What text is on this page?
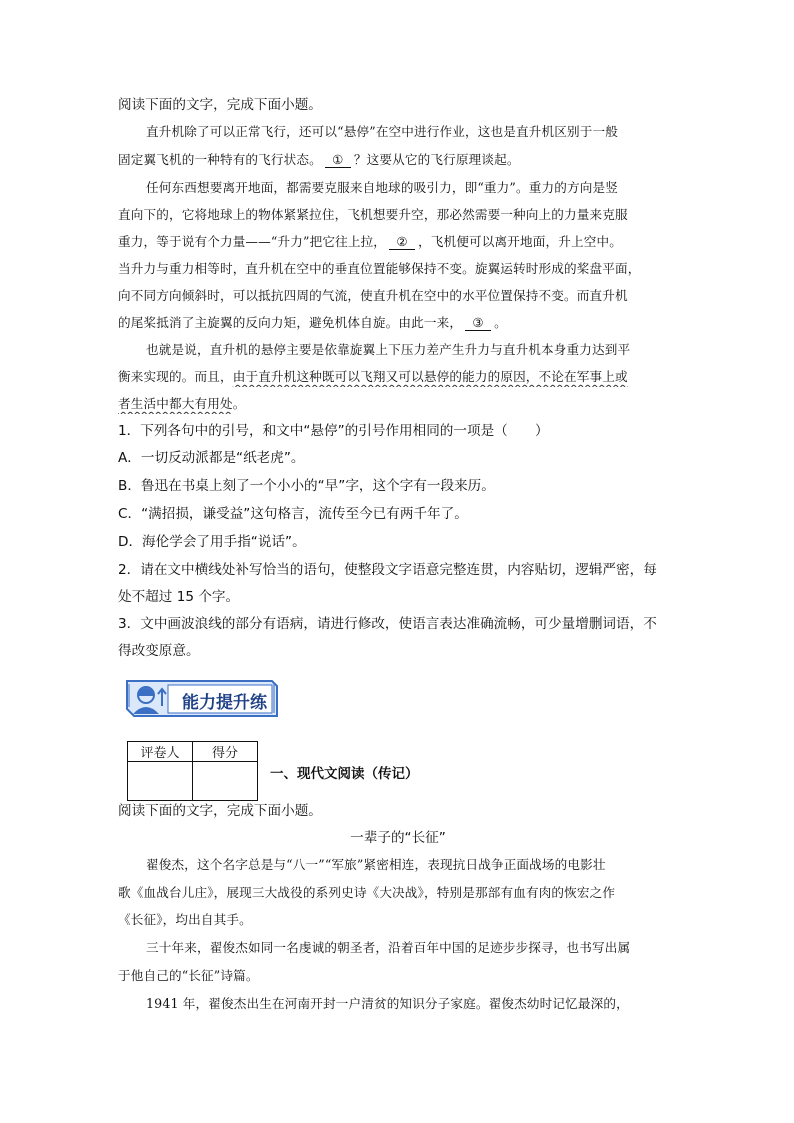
阅读下面的文字，完成下面小题。
直升机除了可以正常飞行，还可以“悬停”在空中进行作业，这也是直升机区别于一般
固定翼飞机的一种特有的飞行状态。 ① ？这要从它的飞行原理谈起。
任何东西想要离开地面，都需要克服来自地球的吸引力，即“重力”。重力的方向是竖
直向下的，它将地球上的物体紧紧拉住，飞机想要升空，那必然需要一种向上的力量来克服
重力，等于说有个力量——“升力”把它往上拉， ② ，飞机便可以离开地面，升上空中。
当升力与重力相等时，直升机在空中的垂直位置能够保持不变。旋翼运转时形成的桨盘平面，
向不同方向倾斜时，可以抵抗四周的气流，使直升机在空中的水平位置保持不变。而直升机
的尾桨抵消了主旋翼的反向力矩，避免机体自旋。由此一来， ③ 。
也就是说，直升机的悬停主要是依靠旋翼上下压力差产生升力与直升机本身重力达到平
衡来实现的。而且，由于直升机这种既可以飞翔又可以悬停的能力的原因，不论在军事上或
者生活中都大有用处。
1．下列各句中的引号，和文中“悬停”的引号作用相同的一项是（　　）
A．一切反动派都是“纸老虎”。
B．鲁迅在书桌上刻了一个小小的“早”字，这个字有一段来历。
C．“满招损，谦受益”这句格言，流传至今已有两千年了。
D．海伦学会了用手指“说话”。
2．请在文中横线处补写恰当的语句，使整段文字语意完整连贯，内容贴切，逻辑严密，每
处不超过 15 个字。
3．文中画波浪线的部分有语病，请进行修改，使语言表达准确流畅，可少量增删词语，不
得改变原意。
能力提升练
评卷人	得分

一、现代文阅读（传记）
阅读下面的文字，完成下面小题。
一辈子的“长征”
翟俊杰，这个名字总是与“八一”“军旅”紧密相连，表现抗日战争正面战场的电影壮
歌《血战台儿庄》，展现三大战役的系列史诗《大决战》，特别是那部有血有肉的恢宏之作
《长征》，均出自其手。
三十年来，翟俊杰如同一名虔诚的朝圣者，沿着百年中国的足迹步步探寻，也书写出属
于他自己的“长征”诗篇。
1941 年，翟俊杰出生在河南开封一户清贫的知识分子家庭。翟俊杰幼时记忆最深的，
